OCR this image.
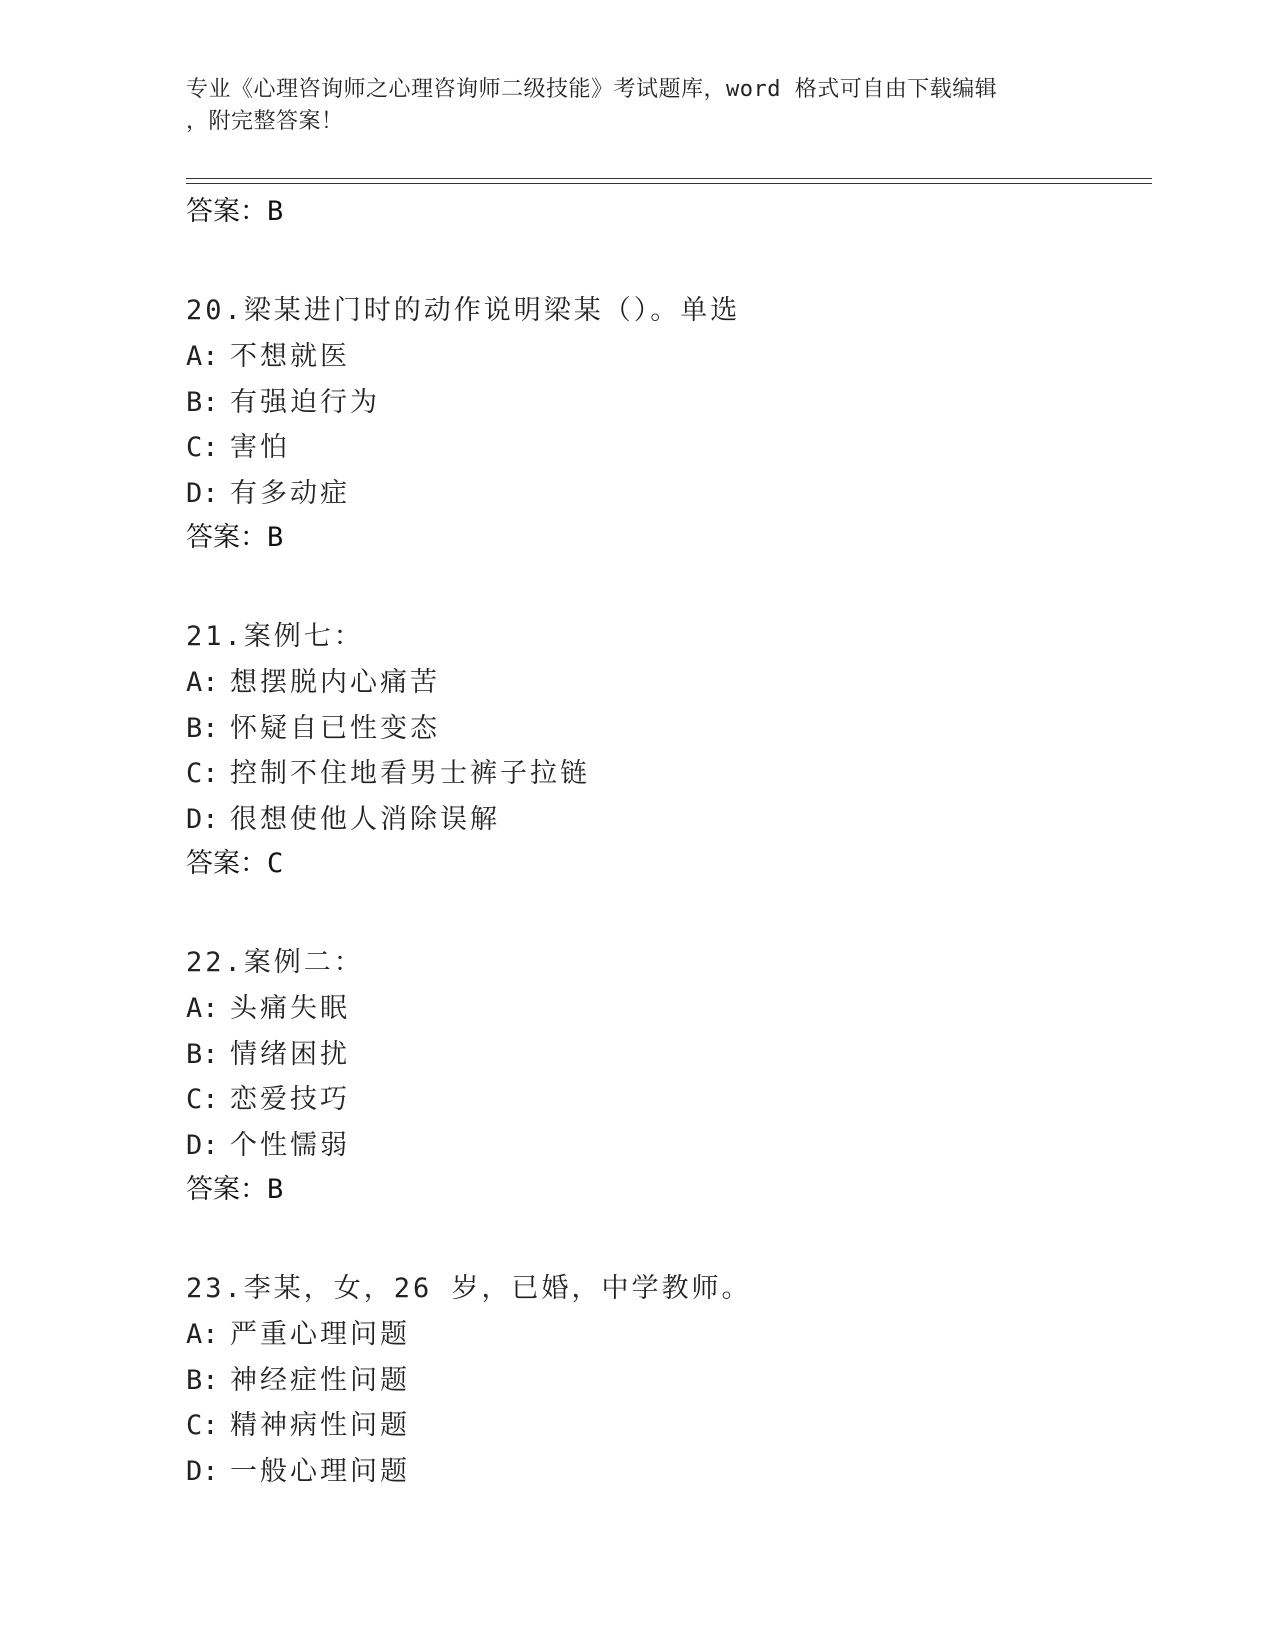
专业《心理咨询师之心理咨询师二级技能》考试题库，word 格式可自由下载编辑
，附完整答案！
答案：B
20.梁某进门时的动作说明梁某（）。单选
A: 不想就医
B: 有强迫行为
C: 害怕
D: 有多动症
答案：B
21.案例七：
A: 想摆脱内心痛苦
B: 怀疑自已性变态
C: 控制不住地看男士裤子拉链
D: 很想使他人消除误解
答案：C
22.案例二：
A: 头痛失眠
B: 情绪困扰
C: 恋爱技巧
D: 个性懦弱
答案：B
23.李某，女，26 岁，已婚，中学教师。
A: 严重心理问题
B: 神经症性问题
C: 精神病性问题
D: 一般心理问题
